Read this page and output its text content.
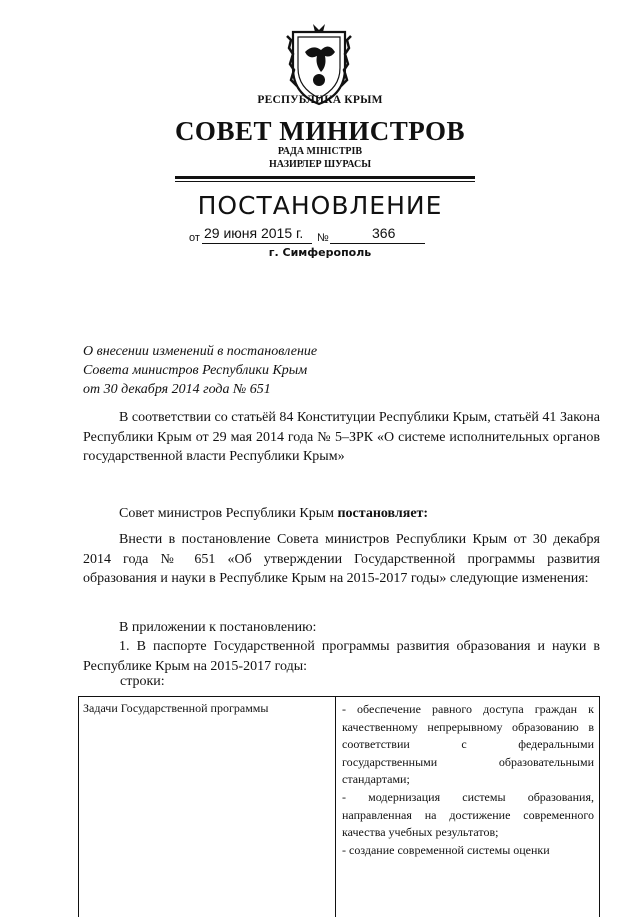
РЕСПУБЛИКА КРЫМ
СОВЕТ МИНИСТРОВ
РАДА МІНІСТРІВ
НАЗИРЛЕР ШУРАСЫ
ПОСТАНОВЛЕНИЕ
от 29 июня 2015 г. №	366
г. Симферополь
О внесении изменений в постановление
Совета министров Республики Крым
от 30 декабря 2014 года № 651
В соответствии со статьёй 84 Конституции Республики Крым, статьёй 41 Закона Республики Крым от 29 мая 2014 года № 5–ЗРК «О системе исполнительных органов государственной власти Республики Крым»
Совет министров Республики Крым постановляет:
Внести в постановление Совета министров Республики Крым от 30 декабря 2014 года № 651 «Об утверждении Государственной программы развития образования и науки в Республике Крым на 2015-2017 годы» следующие изменения:
В приложении к постановлению:
1. В паспорте Государственной программы развития образования и науки в Республике Крым на 2015-2017 годы:
строки:
Задачи Государственной программы	- обеспечение равного доступа граждан к качественному непрерывному образованию в соответствии с федеральными государственными образовательными стандартами;
- модернизация системы образования, направленная на достижение современного качества учебных результатов;
- создание современной системы оценки
